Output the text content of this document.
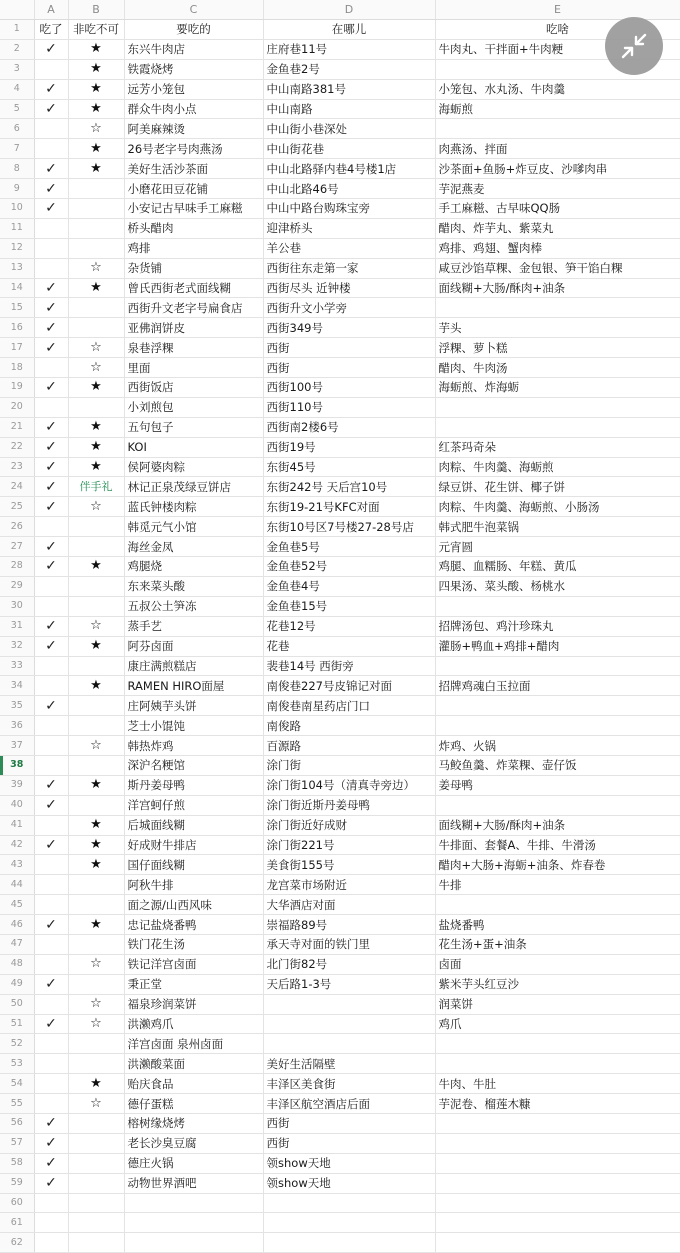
	A	B	C	D	E
1	吃了	非吃不可	要吃的	在哪儿	吃啥
2	✓	★	东兴牛肉店	庄府巷11号	牛肉丸、干拌面+牛肉粳
3		★	铁霞烧烤	金鱼巷2号	
4	✓	★	远芳小笼包	中山南路381号	小笼包、水丸汤、牛肉羹
5	✓	★	群众牛肉小点	中山南路	海蛎煎
6		☆	阿美麻辣烫	中山街小巷深处	
7		★	26号老字号肉燕汤	中山街花巷	肉燕汤、拌面
8	✓	★	美好生活沙茶面	中山北路驿内巷4号楼1店	沙茶面+鱼肠+炸豆皮、沙嗲肉串
9	✓		小磨花田豆花铺	中山北路46号	芋泥燕麦
10	✓		小安记古早味手工麻糍	中山中路台购珠宝旁	手工麻糍、古早味QQ肠
11			桥头醋肉	迎津桥头	醋肉、炸芋丸、紫菜丸
12			鸡排	羊公巷	鸡排、鸡翅、蟹肉棒
13		☆	杂货铺	西街往东走第一家	咸豆沙馅草粿、金包银、笋干馅白粿
14	✓	★	曾氏西街老式面线糊	西街尽头 近钟楼	面线糊+大肠/酥肉+油条
15	✓		西街升文老字号扁食店	西街升文小学旁	
16	✓		亚佛润饼皮	西街349号	芋头
17	✓	☆	泉巷浮粿	西街	浮粿、萝卜糕
18		☆	里面	西街	醋肉、牛肉汤
19	✓	★	西街饭店	西街100号	海蛎煎、炸海蛎
20			小刘煎包	西街110号	
21	✓	★	五句包子	西街南2楼6号	
22	✓	★	KOI	西街19号	红茶玛奇朵
23	✓	★	侯阿婆肉粽	东街45号	肉粽、牛肉羹、海蛎煎
24	✓	伴手礼	林记正泉茂绿豆饼店	东街242号 天后宫10号	绿豆饼、花生饼、椰子饼
25	✓	☆	蓝氏钟楼肉粽	东街19-21号KFC对面	肉粽、牛肉羹、海蛎煎、小肠汤
26			韩觅元气小馆	东街10号区7号楼27-28号店	韩式肥牛泡菜锅
27	✓		海丝金凤	金鱼巷5号	元宵圆
28	✓	★	鸡腿烧	金鱼巷52号	鸡腿、血糯肠、年糕、黄瓜
29			东来菜头酸	金鱼巷4号	四果汤、菜头酸、杨桃水
30			五叔公土笋冻	金鱼巷15号	
31	✓	☆	蒸手艺	花巷12号	招牌汤包、鸡汁珍珠丸
32	✓	★	阿芬卤面	花巷	灌肠+鸭血+鸡排+醋肉
33			康庄满煎糕店	裴巷14号 西街旁	
34		★	RAMEN HIRO面屋	南俊巷227号皮锦记对面	招牌鸡魂白玉拉面
35	✓		庄阿姨芋头饼	南俊巷南星药店门口	
36			芝士小馄饨	南俊路	
37		☆	韩热炸鸡	百源路	炸鸡、火锅
38			深沪名粳馆	涂门街	马鲛鱼羹、炸菜粿、壶仔饭
39	✓	★	斯丹姜母鸭	涂门街104号（清真寺旁边）	姜母鸭
40	✓		洋宫蚵仔煎	涂门街近斯丹姜母鸭	
41		★	后城面线糊	涂门街近好成财	面线糊+大肠/酥肉+油条
42	✓	★	好成财牛排店	涂门街221号	牛排面、套餐A、牛排、牛滑汤
43		★	国仔面线糊	美食街155号	醋肉+大肠+海蛎+油条、炸春卷
44			阿秋牛排	龙宫菜市场附近	牛排
45			面之源/山西风味	大华酒店对面	
46	✓	★	忠记盐烧番鸭	崇福路89号	盐烧番鸭
47			铁门花生汤	承天寺对面的铁门里	花生汤+蛋+油条
48		☆	铁记洋宫卤面	北门街82号	卤面
49	✓		秉正堂	天后路1-3号	紫米芋头红豆沙
50		☆	福泉珍润菜饼		润菜饼
51	✓	☆	洪濑鸡爪		鸡爪
52			洋宫卤面 泉州卤面		
53			洪濑酸菜面	美好生活隔壁	
54		★	贻庆食品	丰泽区美食街	牛肉、牛肚
55		☆	德仔蛋糕	丰泽区航空酒店后面	芋泥卷、榴莲木糠
56	✓		榕树缘烧烤	西街	
57	✓		老长沙臭豆腐	西街	
58	✓		德庄火锅	领show天地	
59	✓		动物世界酒吧	领show天地	
60					
61					
62					
